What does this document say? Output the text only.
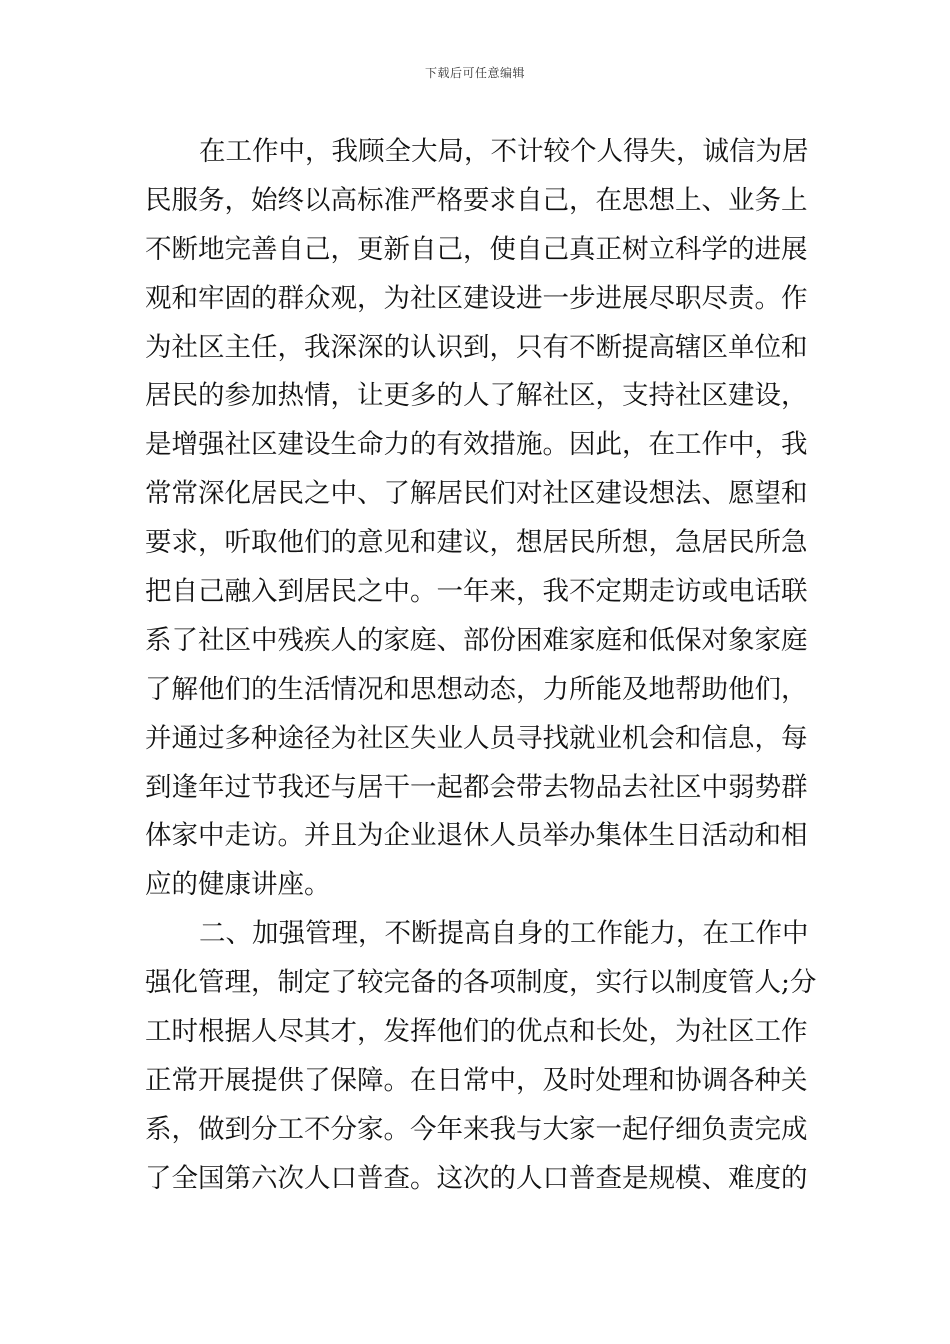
下载后可任意编辑
在工作中，我顾全大局，不计较个人得失，诚信为居
民服务，始终以高标准严格要求自己，在思想上、业务上
不断地完善自己，更新自己，使自己真正树立科学的进展
观和牢固的群众观，为社区建设进一步进展尽职尽责。作
为社区主任，我深深的认识到，只有不断提高辖区单位和
居民的参加热情，让更多的人了解社区，支持社区建设，
是增强社区建设生命力的有效措施。因此，在工作中，我
常常深化居民之中、了解居民们对社区建设想法、愿望和
要求，听取他们的意见和建议，想居民所想，急居民所急
把自己融入到居民之中。一年来，我不定期走访或电话联
系了社区中残疾人的家庭、部份困难家庭和低保对象家庭
了解他们的生活情况和思想动态，力所能及地帮助他们，
并通过多种途径为社区失业人员寻找就业机会和信息，每
到逢年过节我还与居干一起都会带去物品去社区中弱势群
体家中走访。并且为企业退休人员举办集体生日活动和相
应的健康讲座。
二、加强管理，不断提高自身的工作能力，在工作中
强化管理，制定了较完备的各项制度，实行以制度管人;分
工时根据人尽其才，发挥他们的优点和长处，为社区工作
正常开展提供了保障。在日常中，及时处理和协调各种关
系，做到分工不分家。今年来我与大家一起仔细负责完成
了全国第六次人口普查。这次的人口普查是规模、难度的
